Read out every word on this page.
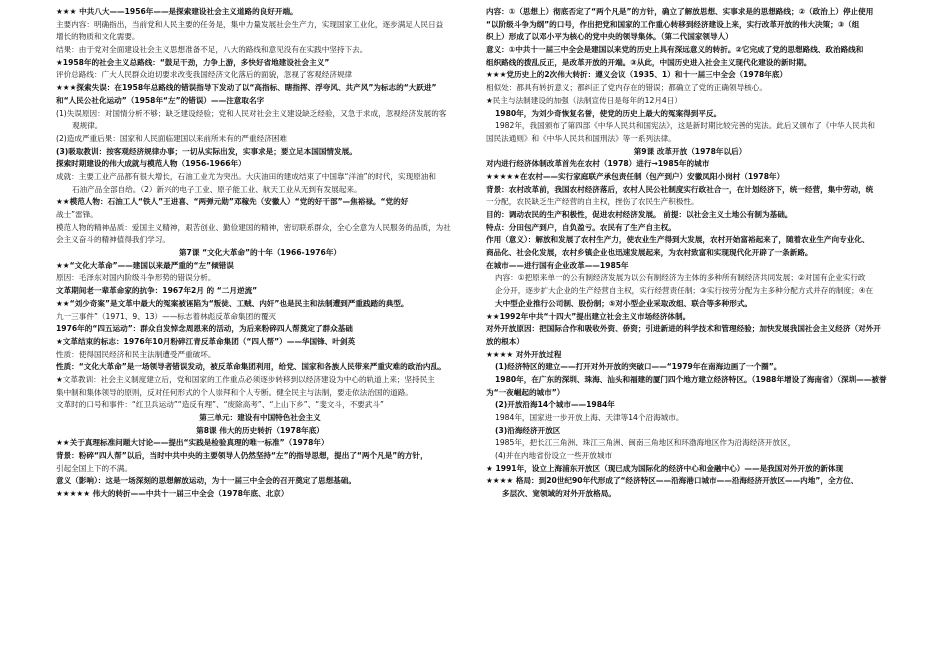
★★★ 中共八大——1956年——是探索建设社会主义道路的良好开端。
主要内容：明确指出，当前党和人民主要的任务是，集中力量发展社会生产力，实现国家工业化，逐步满足人民日益
增长的物质和文化需要。
结果：由于党对全面建设社会主义思想准备不足，八大的路线和意见没有在实践中坚持下去。
★1958年的社会主义总路线：“鼓足干劲，力争上游，多快好省地建设社会主义”
评价总路线：广大人民群众迫切要求改变我国经济文化落后的面貌，忽视了客观经济规律
★★★探索失误：在1958年总路线的错误指导下发动了以“高指标、瞎指挥、浮夸风、共产风”为标志的“大跃进”
和“人民公社化运动”（1958年“左”的错误）——注意取名字
(1)失误原因：对国情分析不够；缺乏建设经验；党和人民对社会主义建设缺乏经验，又急于求成，忽视经济发展的客
观规律。
(2)造成严重后果：国家和人民面临建国以来前所未有的严重经济困难
(3)吸取教训：按客观经济规律办事；一切从实际出发，实事求是；要立足本国国情发展。
探索时期建设的伟大成就与模范人物（1956-1966年）
成就：主要工业产品都有很大增长，石油工业尤为突出。大庆油田的建成结束了中国靠“洋油”的时代，实现原油和
石油产品全部自给。（2）新兴的电子工业、原子能工业、航天工业从无到有发展起来。
★★模范人物：石油工人“铁人”王进喜、“两弹元勋”邓稼先（安徽人）“党的好干部”—焦裕禄。“党的好
战士”雷锋。
模范人物的精神品质：爱国主义精神，艰苦创业、勤俭建国的精神，密切联系群众，全心全意为人民服务的品质，为社
会主义奋斗的精神值得我们学习。
第7课 “文化大革命”的十年（1966-1976年）
★★“文化大革命”——建国以来最严重的“左”倾错误
原因：毛泽东对国内阶级斗争形势的错误分析。
文革期间老一辈革命家的抗争：1967年2月 的 “二月逆流”
★★“刘少奇案”是文革中最大的冤案被诬陷为“叛徒、工贼、内奸”也是民主和法制遭到严重践踏的典型。
九一三事件”（1971、9、13）——标志着林彪反革命集团的覆灭
1976年的“四五运动”：群众自发悼念周恩来的活动，为后来粉碎四人帮奠定了群众基础
★文革结束的标志：1976年10月粉碎江青反革命集团（“四人帮”）——华国锋、叶剑英
性质：使得国民经济和民主法制遭受严重破坏。
性质：“文化大革命”是一场领导者错误发动，被反革命集团利用，给党、国家和各族人民带来严重灾难的政治内乱。
★文革教训：社会主义制度建立后，党和国家的工作重点必须逐步转移到以经济建设为中心的轨道上来；坚持民主
集中制和集体领导的原则，反对任何形式的个人崇拜和个人专断。健全民主与法制，要走依法治国的道路。
文革时的口号和事件：“红卫兵运动”“造反有理”、“废除高考”、“上山下乡”、“斐文斗，不要武斗”
第三单元：建设有中国特色社会主义
第8课 伟大的历史转折（1978年底）
★★关于真理标准问题大讨论——提出“实践是检验真理的唯一标准”（1978年）
背景：粉碎“四人帮”以后，当时中共中央的主要领导人仍然坚持“左”的指导思想，提出了“两个凡是”的方针，
引起全国上下的不满。
意义（影响）：这是一场深刻的思想解放运动，为十一届三中全会的召开奠定了思想基础。
★★★★★ 伟大的转折——中共十一届三中全会（1978年底、北京）
内容：①（思想上）彻底否定了“两个凡是”的方针，确立了解放思想、实事求是的思想路线；②（政治上）停止使用
“以阶级斗争为纲”的口号，作出把党和国家的工作重心转移到经济建设上来，实行改革开放的伟大决策；③（组
织上）形成了以邓小平为核心的党中央的领导集体。（第二代国家领导人）
意义：①中共十一届三中全会是建国以来党的历史上具有深远意义的转折。②它完成了党的思想路线、政治路线和
组织路线的拨乱反正，是改革开放的开端。③从此，中国历史进入社会主义现代化建设的新时期。
★★★党历史上的2次伟大转折：遵义会议（1935、1）和十一届三中全会（1978年底）
相似处：都具有转折意义；都纠正了党内存在的错误；都确立了党的正确领导核心。
★民主与法制建设的加强（法制宣传日是每年的12月4日）
1980年，为刘少奇恢复名誉，使党的历史上最大的冤案得到平反。
1982年，我国颁布了第四部《中华人民共和国宪法》，这是新时期比较完善的宪法。此后又颁布了《中华人民共和
国民法通则》和《中华人民共和国刑法》等一系列法律。
第9课 改革开放（1978年以后）
对内进行经济体制改革首先在农村（1978）进行→1985年的城市
★★★★★在农村——实行家庭联产承包责任制（包产到户）安徽凤阳小岗村（1978年）
背景：农村改革前，我国农村经济落后，农村人民公社制度实行政社合一，在计划经济下，统一经营，集中劳动，统
一分配，农民缺乏生产经营的自主权，挫伤了农民生产积极性。
目的：调动农民的生产积极性，促进农村经济发展。 前提：以社会主义土地公有制为基础。
特点：分田包产到户，自负盈亏。农民有了生产自主权。
作用（意义）：解放和发展了农村生产力，使农业生产得到大发展，农村开始富裕起来了，随着农业生产向专业化、
商品化、社会化发展，农村乡镇企业也迅速发展起来，为农村致富和实现现代化开辟了一条新路。
在城市——进行国有企业改革——1985年
内容：①把原来单一的公有制经济发展为以公有制经济为主体的多种所有制经济共同发展；②对国有企业实行政
企分开，逐步扩大企业的生产经营自主权，实行经营责任制；③实行按劳分配为主多种分配方式并存的制度；④在
大中型企业推行公司制、股份制；⑤对小型企业采取改组、联合等多种形式。
★★1992年中共“十四大”提出建立社会主义市场经济体制。
对外开放原因：把国际合作和吸收外资、侨资；引进新进的科学技术和管理经验；加快发展我国社会主义经济（对外开
放的根本）
★★★★ 对外开放过程
(1)经济特区的建立——打开对外开放的突破口——“1979年在南海边画了一个圈”。
1980年，在广东的深圳、珠海、汕头和福建的厦门四个地方建立经济特区。（1988年增设了海南省）（深圳——被誉
为“一夜崛起的城市”）
(2)开放沿海14个城市——1984年
1984年，国家进一步开放上海、天津等14个沿海城市。
(3)沿海经济开放区
1985年，把长江三角洲、珠江三角洲、闽南三角地区和环渤海地区作为沿海经济开放区，
(4)并在内地省份设立一些开放城市
★ 1991年，设立上海浦东开放区（现已成为国际化的经济中心和金融中心）——是我国对外开放的新体现
★★★★ 格局：到20世纪90年代形成了“经济特区——沿海港口城市——沿海经济开放区——内地”，全方位、
多层次、宽领域的对外开放格局。
